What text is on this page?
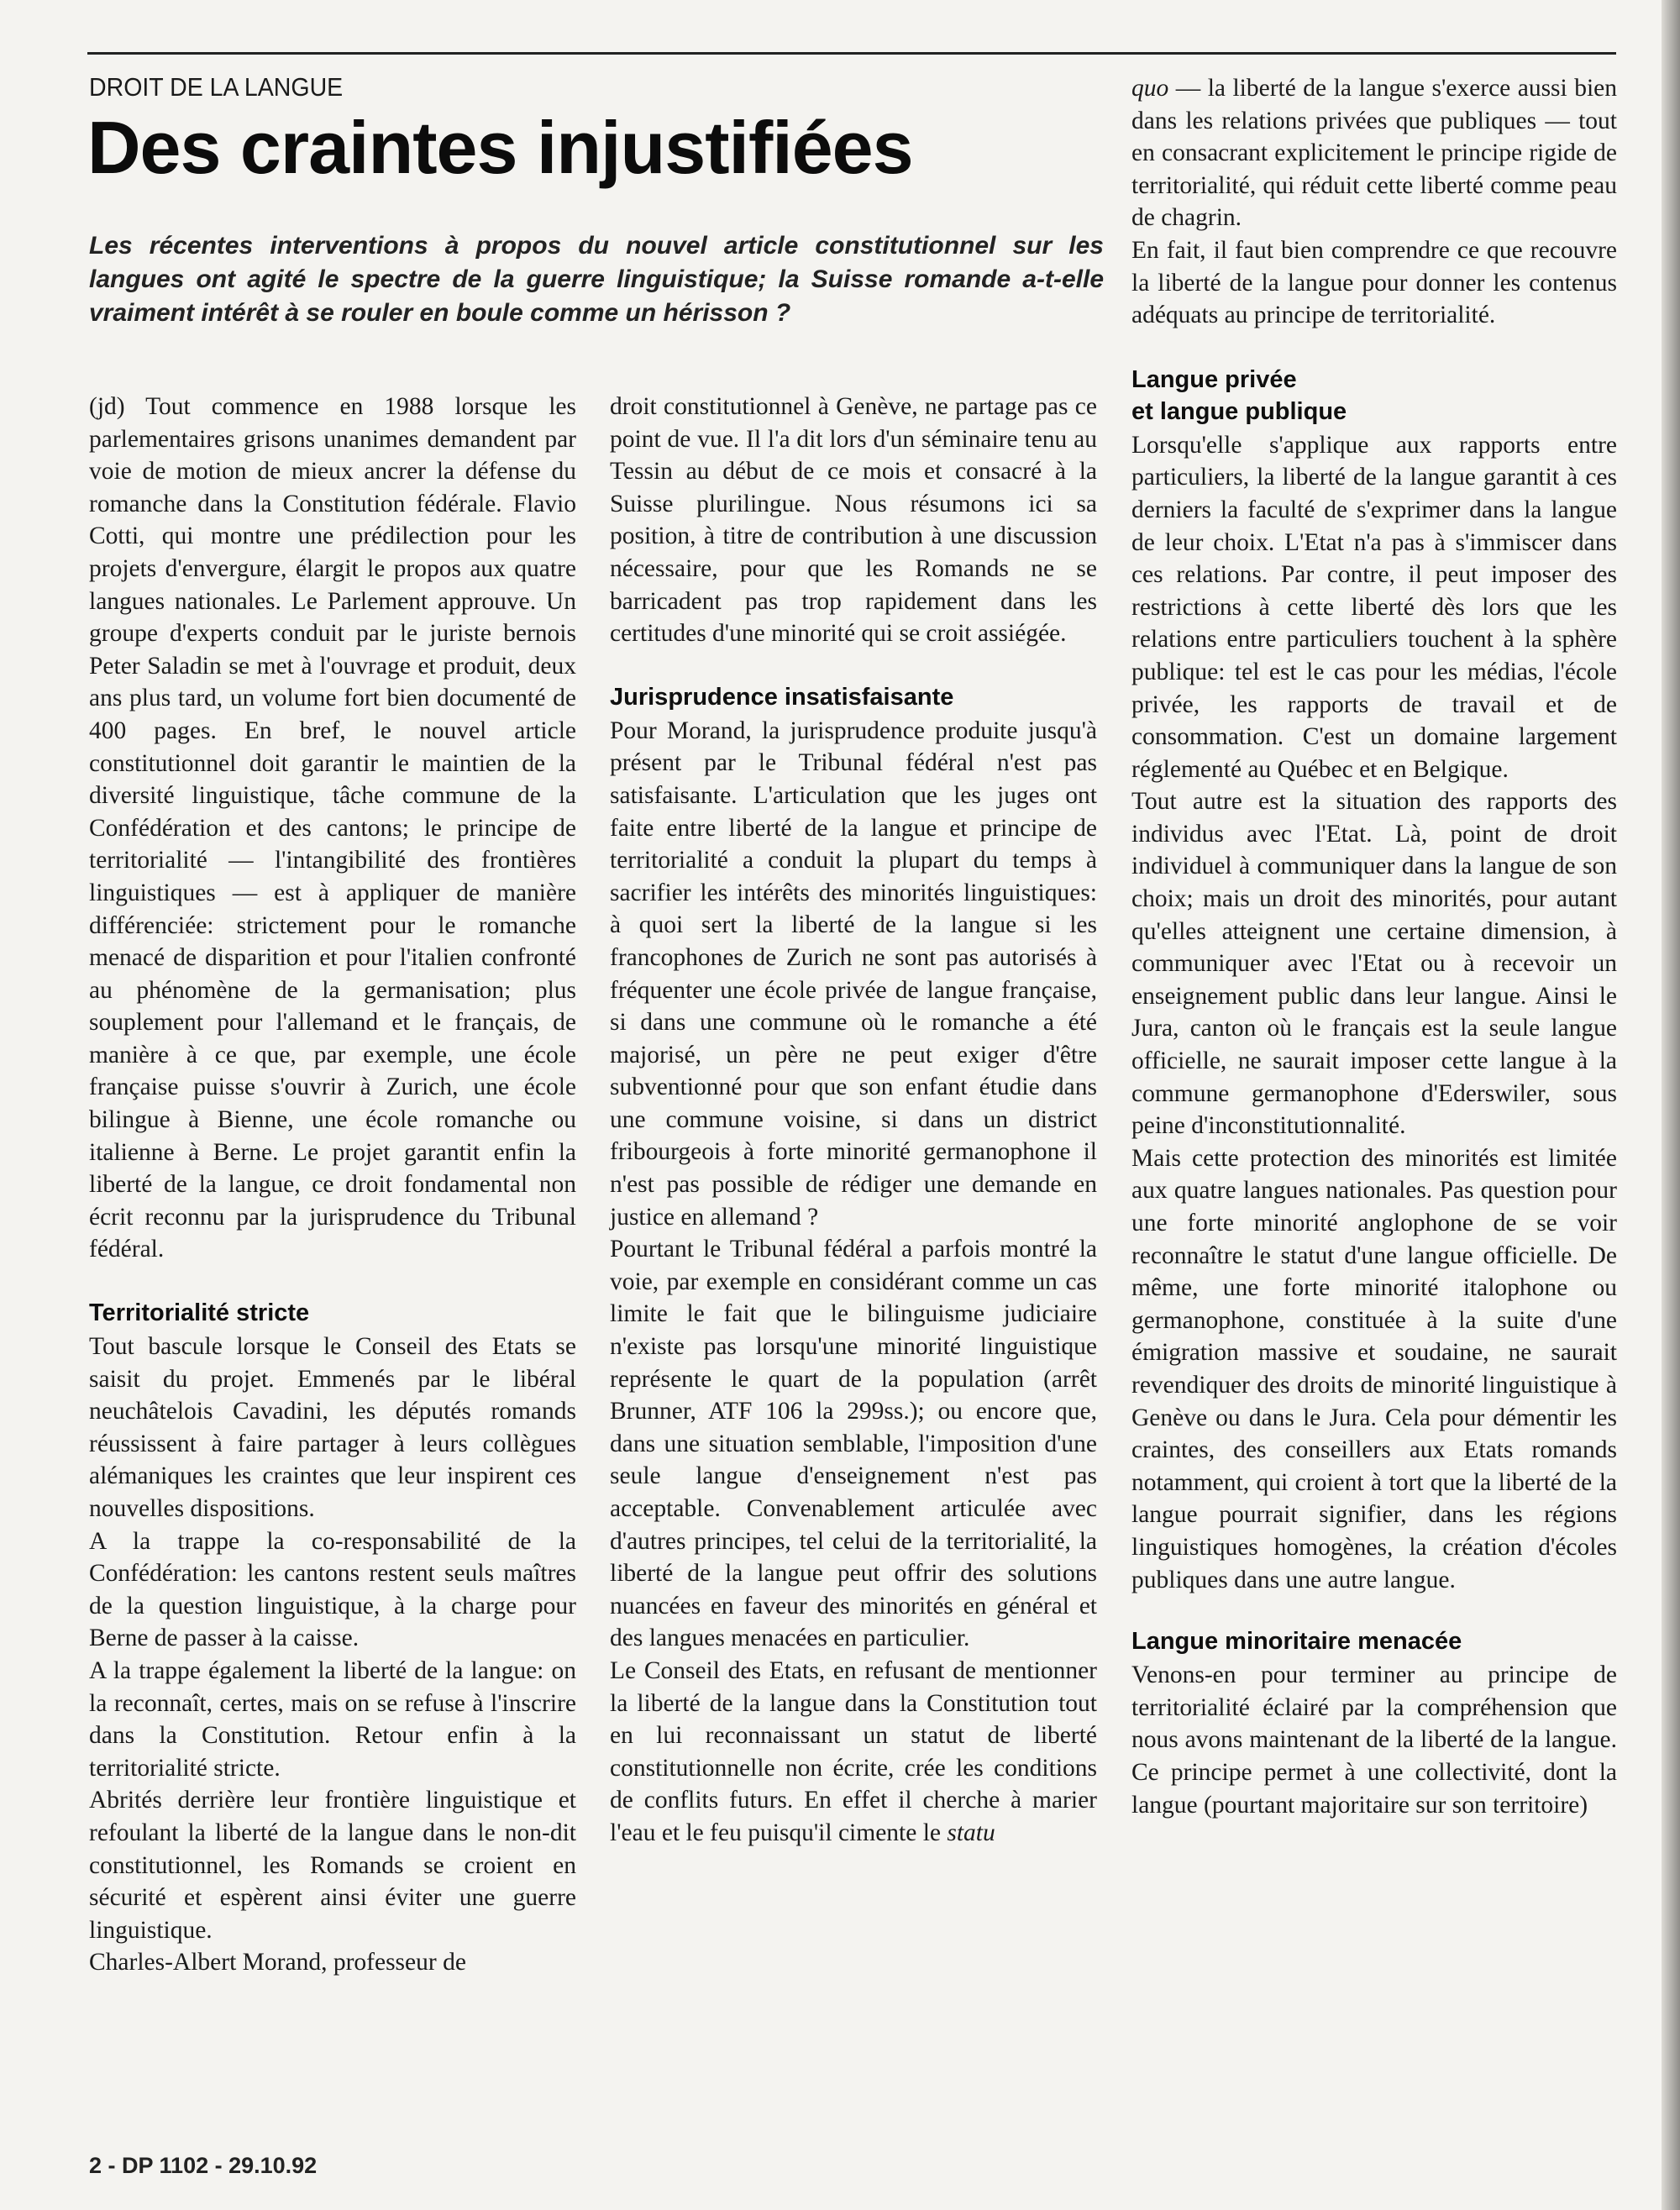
DROIT DE LA LANGUE

Des craintes injustifiées

Les récentes interventions à propos du nouvel article constitutionnel sur les langues ont agité le spectre de la guerre linguistique; la Suisse romande a-t-elle vraiment intérêt à se rouler en boule comme un hérisson ?

(jd) Tout commence en 1988 lorsque les parlementaires grisons unanimes demandent par voie de motion de mieux ancrer la défense du romanche dans la Constitution fédérale. Flavio Cotti, qui montre une prédilection pour les projets d'envergure, élargit le propos aux quatre langues nationales. Le Parlement approuve. Un groupe d'experts conduit par le juriste bernois Peter Saladin se met à l'ouvrage et produit, deux ans plus tard, un volume fort bien documenté de 400 pages. En bref, le nouvel article constitutionnel doit garantir le maintien de la diversité linguistique, tâche commune de la Confédération et des cantons; le principe de territorialité — l'intangibilité des frontières linguistiques — est à appliquer de manière différenciée: strictement pour le romanche menacé de disparition et pour l'italien confronté au phénomène de la germanisation; plus souplement pour l'allemand et le français, de manière à ce que, par exemple, une école française puisse s'ouvrir à Zurich, une école bilingue à Bienne, une école romanche ou italienne à Berne. Le projet garantit enfin la liberté de la langue, ce droit fondamental non écrit reconnu par la jurisprudence du Tribunal fédéral.

Territorialité stricte

Tout bascule lorsque le Conseil des Etats se saisit du projet. Emmenés par le libéral neuchâtelois Cavadini, les députés romands réussissent à faire partager à leurs collègues alémaniques les craintes que leur inspirent ces nouvelles dispositions.

A la trappe la co-responsabilité de la Confédération: les cantons restent seuls maîtres de la question linguistique, à la charge pour Berne de passer à la caisse.

A la trappe également la liberté de la langue: on la reconnaît, certes, mais on se refuse à l'inscrire dans la Constitution. Retour enfin à la territorialité stricte.

Abrités derrière leur frontière linguistique et refoulant la liberté de la langue dans le non-dit constitutionnel, les Romands se croient en sécurité et espèrent ainsi éviter une guerre linguistique.

Charles-Albert Morand, professeur de

droit constitutionnel à Genève, ne partage pas ce point de vue. Il l'a dit lors d'un séminaire tenu au Tessin au début de ce mois et consacré à la Suisse plurilingue. Nous résumons ici sa position, à titre de contribution à une discussion nécessaire, pour que les Romands ne se barricadent pas trop rapidement dans les certitudes d'une minorité qui se croit assiégée.

Jurisprudence insatisfaisante

Pour Morand, la jurisprudence produite jusqu'à présent par le Tribunal fédéral n'est pas satisfaisante. L'articulation que les juges ont faite entre liberté de la langue et principe de territorialité a conduit la plupart du temps à sacrifier les intérêts des minorités linguistiques: à quoi sert la liberté de la langue si les francophones de Zurich ne sont pas autorisés à fréquenter une école privée de langue française, si dans une commune où le romanche a été majorisé, un père ne peut exiger d'être subventionné pour que son enfant étudie dans une commune voisine, si dans un district fribourgeois à forte minorité germanophone il n'est pas possible de rédiger une demande en justice en allemand ?

Pourtant le Tribunal fédéral a parfois montré la voie, par exemple en considérant comme un cas limite le fait que le bilinguisme judiciaire n'existe pas lorsqu'une minorité linguistique représente le quart de la population (arrêt Brunner, ATF 106 la 299ss.); ou encore que, dans une situation semblable, l'imposition d'une seule langue d'enseignement n'est pas acceptable. Convenablement articulée avec d'autres principes, tel celui de la territorialité, la liberté de la langue peut offrir des solutions nuancées en faveur des minorités en général et des langues menacées en particulier.

Le Conseil des Etats, en refusant de mentionner la liberté de la langue dans la Constitution tout en lui reconnaissant un statut de liberté constitutionnelle non écrite, crée les conditions de conflits futurs. En effet il cherche à marier l'eau et le feu puisqu'il cimente le statu

quo — la liberté de la langue s'exerce aussi bien dans les relations privées que publiques — tout en consacrant explicitement le principe rigide de territorialité, qui réduit cette liberté comme peau de chagrin.

En fait, il faut bien comprendre ce que recouvre la liberté de la langue pour donner les contenus adéquats au principe de territorialité.

Langue privée
et langue publique

Lorsqu'elle s'applique aux rapports entre particuliers, la liberté de la langue garantit à ces derniers la faculté de s'exprimer dans la langue de leur choix. L'Etat n'a pas à s'immiscer dans ces relations. Par contre, il peut imposer des restrictions à cette liberté dès lors que les relations entre particuliers touchent à la sphère publique: tel est le cas pour les médias, l'école privée, les rapports de travail et de consommation. C'est un domaine largement réglementé au Québec et en Belgique.

Tout autre est la situation des rapports des individus avec l'Etat. Là, point de droit individuel à communiquer dans la langue de son choix; mais un droit des minorités, pour autant qu'elles atteignent une certaine dimension, à communiquer avec l'Etat ou à recevoir un enseignement public dans leur langue. Ainsi le Jura, canton où le français est la seule langue officielle, ne saurait imposer cette langue à la commune germanophone d'Ederswiler, sous peine d'inconstitutionnalité.

Mais cette protection des minorités est limitée aux quatre langues nationales. Pas question pour une forte minorité anglophone de se voir reconnaître le statut d'une langue officielle. De même, une forte minorité italophone ou germanophone, constituée à la suite d'une émigration massive et soudaine, ne saurait revendiquer des droits de minorité linguistique à Genève ou dans le Jura. Cela pour démentir les craintes, des conseillers aux Etats romands notamment, qui croient à tort que la liberté de la langue pourrait signifier, dans les régions linguistiques homogènes, la création d'écoles publiques dans une autre langue.

Langue minoritaire menacée

Venons-en pour terminer au principe de territorialité éclairé par la compréhension que nous avons maintenant de la liberté de la langue. Ce principe permet à une collectivité, dont la langue (pourtant majoritaire sur son territoire)

2 - DP 1102 - 29.10.92
